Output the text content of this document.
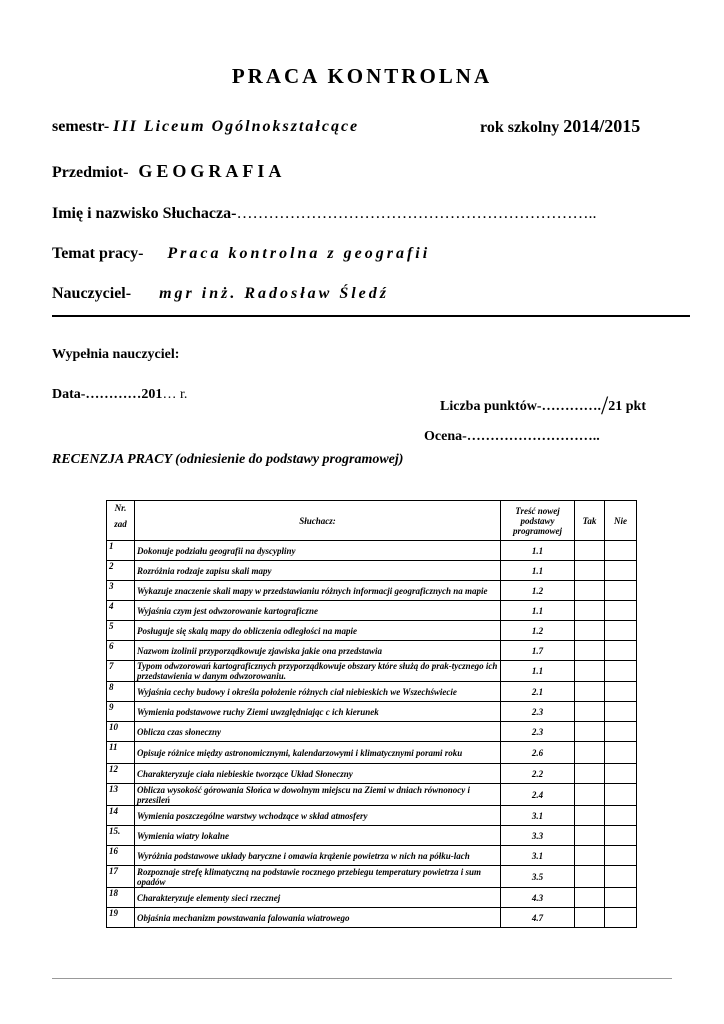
PRACA KONTROLNA
semestr- III Liceum Ogólnokształcące	rok szkolny 2014/2015
Przedmiot- GEOGRAFIA
Imię i nazwisko Słuchacza-…………………………………………………………..
Temat pracy- Praca kontrolna z geografii
Nauczyciel- mgr inż. Radosław Śledź
Wypełnia nauczyciel:
Data-…………201… r.
Liczba punktów-…………./21 pkt
Ocena-………………………..
RECENZJA PRACY (odniesienie do podstawy programowej)
Nr.
zad	Słuchacz:	Treść nowej podstawy programowej	Tak	Nie
1	Dokonuje podziału geografii na dyscypliny	1.1		
2	Rozróżnia rodzaje zapisu skali mapy	1.1		
3	Wykazuje znaczenie skali mapy w przedstawianiu różnych informacji geograficznych na mapie	1.2		
4	Wyjaśnia czym jest odwzorowanie kartograficzne	1.1		
5	Posługuje się skalą mapy do obliczenia odległości na mapie	1.2		
6	Nazwom izolinii przyporządkowuje zjawiska jakie ona przedstawia	1.7		
7	Typom odwzorowań kartograficznych przyporządkowuje obszary które służą do prak-tycznego ich przedstawienia w danym odwzorowaniu.	1.1		
8	Wyjaśnia cechy budowy i określa położenie różnych ciał niebieskich we Wszechświecie	2.1		
9	Wymienia podstawowe ruchy Ziemi uwzględniając c ich kierunek	2.3		
10	Oblicza czas słoneczny	2.3		
11	Opisuje różnice między astronomicznymi, kalendarzowymi i klimatycznymi porami roku	2.6		
12	Charakteryzuje ciała niebieskie tworzące Układ Słoneczny	2.2		
13	Oblicza wysokość górowania Słońca w dowolnym miejscu na Ziemi w dniach równonocy i przesileń	2.4		
14	Wymienia poszczególne warstwy wchodzące w skład atmosfery	3.1		
15.	Wymienia wiatry lokalne	3.3		
16	Wyróżnia podstawowe układy baryczne i omawia krążenie powietrza w nich na półku-lach	3.1		
17	Rozpoznaje strefę klimatyczną na podstawie rocznego przebiegu temperatury powietrza i sum opadów	3.5		
18	Charakteryzuje elementy sieci rzecznej	4.3		
19	Objaśnia mechanizm powstawania falowania wiatrowego	4.7		
